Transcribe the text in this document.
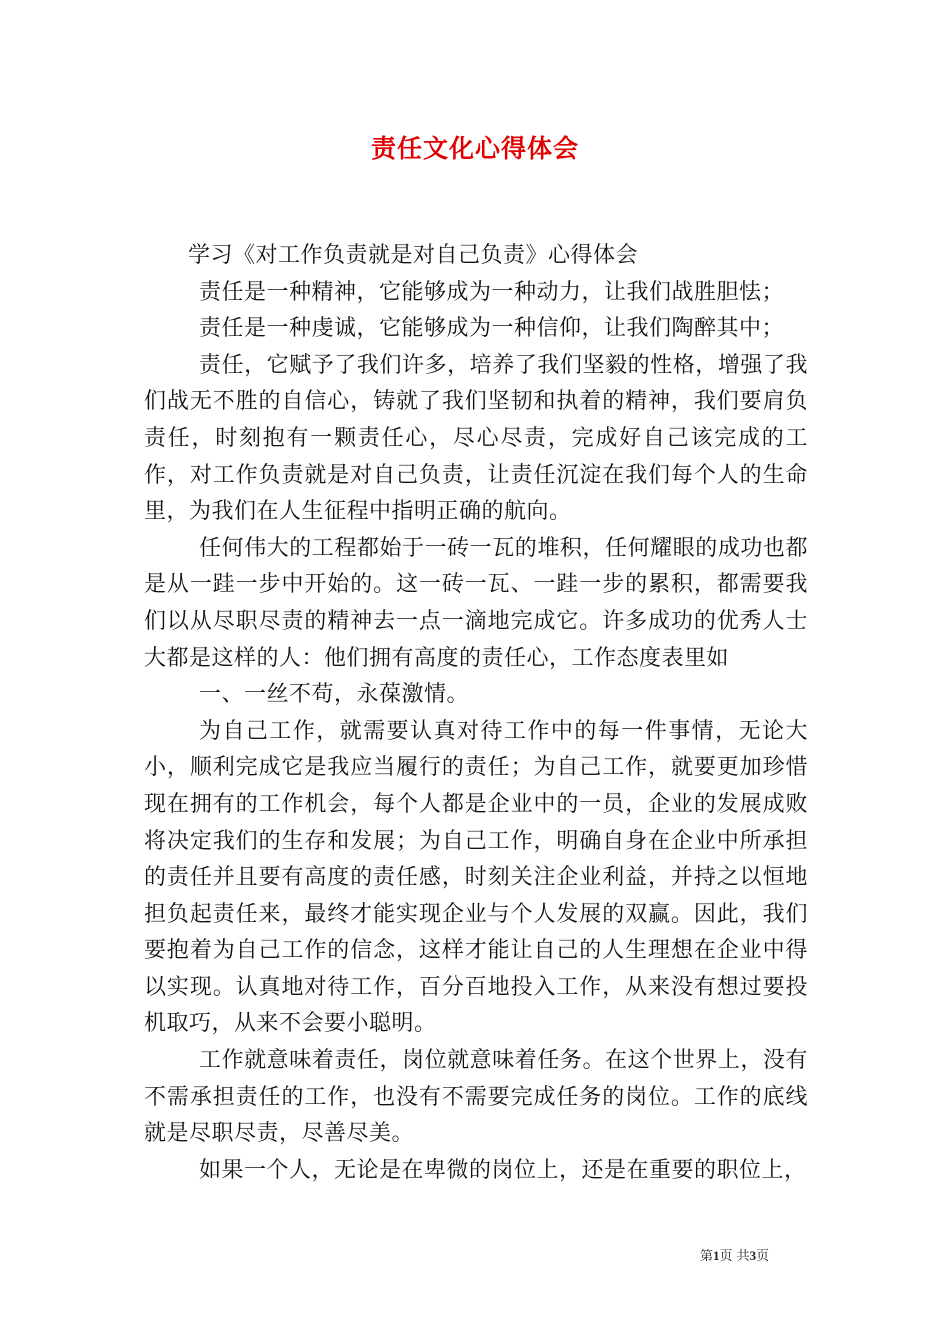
责任文化心得体会

学习《对工作负责就是对自己负责》心得体会

责任是一种精神，它能够成为一种动力，让我们战胜胆怯；

责任是一种虔诚，它能够成为一种信仰，让我们陶醉其中；

责任，它赋予了我们许多，培养了我们坚毅的性格，增强了我们战无不胜的自信心，铸就了我们坚韧和执着的精神，我们要肩负责任，时刻抱有一颗责任心，尽心尽责，完成好自己该完成的工作，对工作负责就是对自己负责，让责任沉淀在我们每个人的生命里，为我们在人生征程中指明正确的航向。

任何伟大的工程都始于一砖一瓦的堆积，任何耀眼的成功也都是从一跬一步中开始的。这一砖一瓦、一跬一步的累积，都需要我们以从尽职尽责的精神去一点一滴地完成它。许多成功的优秀人士大都是这样的人：他们拥有高度的责任心，工作态度表里如

一、一丝不苟，永葆激情。

为自己工作，就需要认真对待工作中的每一件事情，无论大小，顺利完成它是我应当履行的责任；为自己工作，就要更加珍惜现在拥有的工作机会，每个人都是企业中的一员，企业的发展成败将决定我们的生存和发展；为自己工作，明确自身在企业中所承担的责任并且要有高度的责任感，时刻关注企业利益，并持之以恒地担负起责任来，最终才能实现企业与个人发展的双赢。因此，我们要抱着为自己工作的信念，这样才能让自己的人生理想在企业中得以实现。认真地对待工作，百分百地投入工作，从来没有想过要投机取巧，从来不会要小聪明。

工作就意味着责任，岗位就意味着任务。在这个世界上，没有不需承担责任的工作，也没有不需要完成任务的岗位。工作的底线就是尽职尽责，尽善尽美。

如果一个人，无论是在卑微的岗位上，还是在重要的职位上，

第1页 共3页
